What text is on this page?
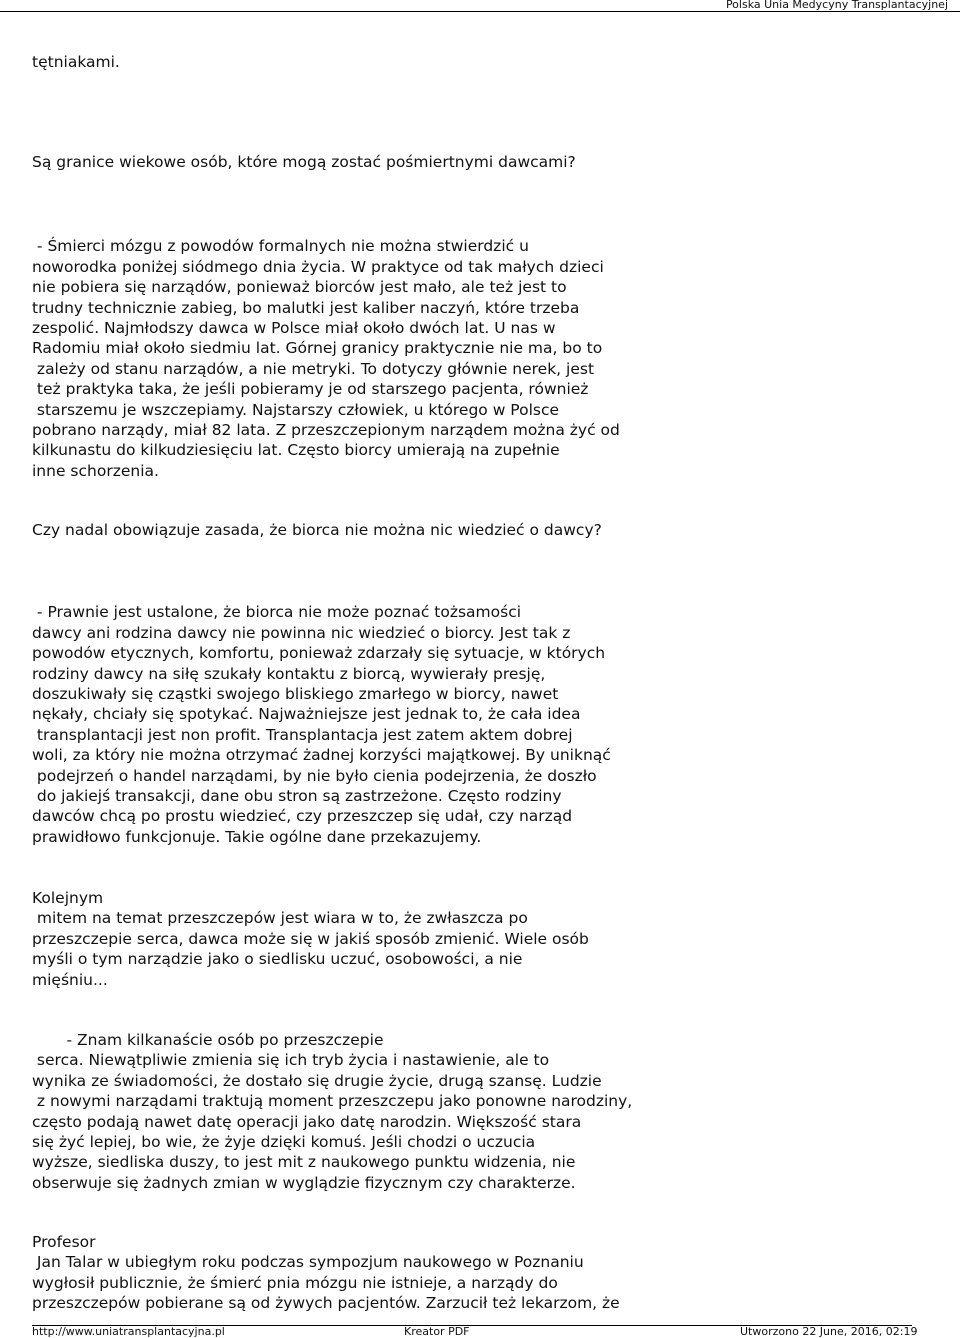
Polska Unia Medycyny Transplantacyjnej
tętniakami.
Są granice wiekowe osób, które mogą zostać pośmiertnymi dawcami?
- Śmierci mózgu z powodów formalnych nie można stwierdzić u
noworodka poniżej siódmego dnia życia. W praktyce od tak małych dzieci
nie pobiera się narządów, ponieważ biorców jest mało, ale też jest to
trudny technicznie zabieg, bo malutki jest kaliber naczyń, które trzeba
zespolić. Najmłodszy dawca w Polsce miał około dwóch lat. U nas w
Radomiu miał około siedmiu lat. Górnej granicy praktycznie nie ma, bo to
zależy od stanu narządów, a nie metryki. To dotyczy głównie nerek, jest
też praktyka taka, że jeśli pobieramy je od starszego pacjenta, również
starszemu je wszczepiamy. Najstarszy człowiek, u którego w Polsce
pobrano narządy, miał 82 lata. Z przeszczepionym narządem można żyć od
kilkunastu do kilkudziesięciu lat. Często biorcy umierają na zupełnie
inne schorzenia.
Czy nadal obowiązuje zasada, że biorca nie można nic wiedzieć o dawcy?
- Prawnie jest ustalone, że biorca nie może poznać tożsamości
dawcy ani rodzina dawcy nie powinna nic wiedzieć o biorcy. Jest tak z
powodów etycznych, komfortu, ponieważ zdarzały się sytuacje, w których
rodziny dawcy na siłę szukały kontaktu z biorcą, wywierały presję,
doszukiwały się cząstki swojego bliskiego zmarłego w biorcy, nawet
nękały, chciały się spotykać. Najważniejsze jest jednak to, że cała idea
transplantacji jest non profit. Transplantacja jest zatem aktem dobrej
woli, za który nie można otrzymać żadnej korzyści majątkowej. By uniknąć
podejrzeń o handel narządami, by nie było cienia podejrzenia, że doszło
do jakiejś transakcji, dane obu stron są zastrzeżone. Często rodziny
dawców chcą po prostu wiedzieć, czy przeszczep się udał, czy narząd
prawidłowo funkcjonuje. Takie ogólne dane przekazujemy.
Kolejnym
mitem na temat przeszczepów jest wiara w to, że zwłaszcza po
przeszczepie serca, dawca może się w jakiś sposób zmienić. Wiele osób
myśli o tym narządzie jako o siedlisku uczuć, osobowości, a nie
mięśniu...
- Znam kilkanaście osób po przeszczepie
serca. Niewątpliwie zmienia się ich tryb życia i nastawienie, ale to
wynika ze świadomości, że dostało się drugie życie, drugą szansę. Ludzie
z nowymi narządami traktują moment przeszczepu jako ponowne narodziny,
często podają nawet datę operacji jako datę narodzin. Większość stara
się żyć lepiej, bo wie, że żyje dzięki komuś. Jeśli chodzi o uczucia
wyższe, siedliska duszy, to jest mit z naukowego punktu widzenia, nie
obserwuje się żadnych zmian w wyglądzie fizycznym czy charakterze.
Profesor
Jan Talar w ubiegłym roku podczas sympozjum naukowego w Poznaniu
wygłosił publicznie, że śmierć pnia mózgu nie istnieje, a narządy do
przeszczepów pobierane są od żywych pacjentów. Zarzucił też lekarzom, że
http://www.uniatransplantacyjna.pl	Kreator PDF	Utworzono 22 June, 2016, 02:19
